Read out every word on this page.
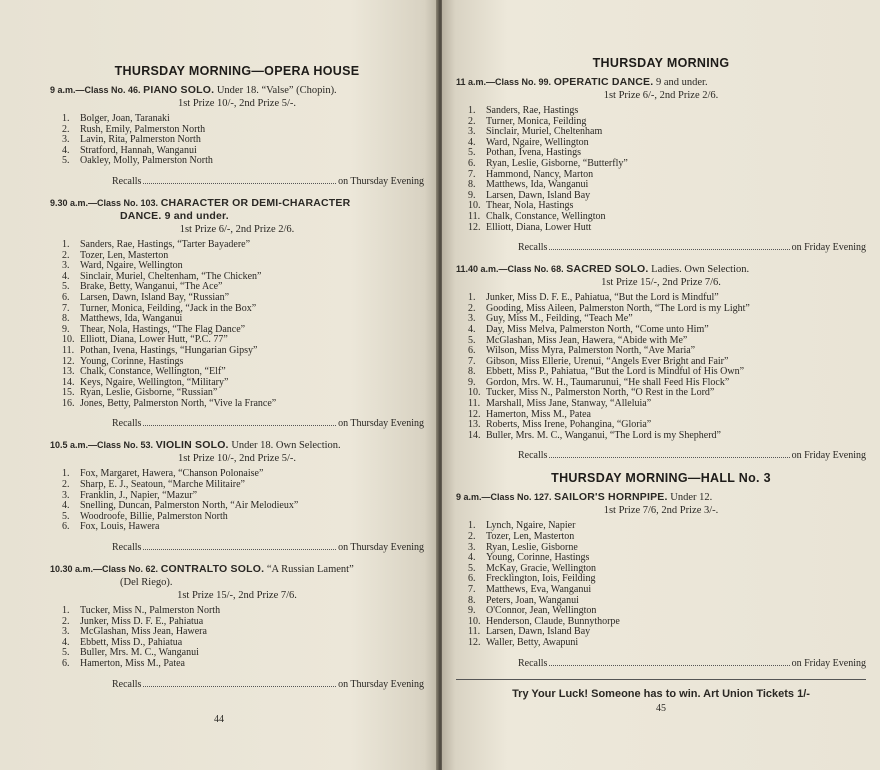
THURSDAY MORNING—OPERA HOUSE
9 a.m.—Class No. 46. PIANO SOLO. Under 18. “Valse” (Chopin).
1st Prize 10/-, 2nd Prize 5/-.
1.	Bolger, Joan, Taranaki
2.	Rush, Emily, Palmerston North
3.	Lavin, Rita, Palmerston North
4.	Stratford, Hannah, Wanganui
5.	Oakley, Molly, Palmerston North
Recalls	on Thursday Evening
9.30 a.m.—Class No. 103. CHARACTER OR DEMI-CHARACTER
DANCE. 9 and under.
1st Prize 6/-, 2nd Prize 2/6.
1.	Sanders, Rae, Hastings, “Tarter Bayadere”
2.	Tozer, Len, Masterton
3.	Ward, Ngaire, Wellington
4.	Sinclair, Muriel, Cheltenham, “The Chicken”
5.	Brake, Betty, Wanganui, “The Ace”
6.	Larsen, Dawn, Island Bay, “Russian”
7.	Turner, Monica, Feilding, “Jack in the Box”
8.	Matthews, Ida, Wanganui
9.	Thear, Nola, Hastings, “The Flag Dance”
10. Elliott, Diana, Lower Hutt, “P.C. 77”
11. Pothan, Ivena, Hastings, “Hungarian Gipsy”
12. Young, Corinne, Hastings
13. Chalk, Constance, Wellington, “Elf”
14. Keys, Ngaire, Wellington, “Military”
15. Ryan, Leslie, Gisborne, “Russian”
16. Jones, Betty, Palmerston North, “Vive la France”
Recalls	on Thursday Evening
10.5 a.m.—Class No. 53. VIOLIN SOLO. Under 18. Own Selection.
1st Prize 10/-, 2nd Prize 5/-.
1.	Fox, Margaret, Hawera, “Chanson Polonaise”
2.	Sharp, E. J., Seatoun, “Marche Militaire”
3.	Franklin, J., Napier, “Mazur”
4.	Snelling, Duncan, Palmerston North, “Air Melodieux”
5.	Woodroofe, Billie, Palmerston North
6.	Fox, Louis, Hawera
Recalls	on Thursday Evening
10.30 a.m.—Class No. 62. CONTRALTO SOLO. “A Russian Lament”
(Del Riego).
1st Prize 15/-, 2nd Prize 7/6.
1.	Tucker, Miss N., Palmerston North
2.	Junker, Miss D. F. E., Pahiatua
3.	McGlashan, Miss Jean, Hawera
4.	Ebbett, Miss D., Pahiatua
5.	Buller, Mrs. M. C., Wanganui
6.	Hamerton, Miss M., Patea
Recalls	on Thursday Evening
44
THURSDAY MORNING
11 a.m.—Class No. 99. OPERATIC DANCE. 9 and under.
1st Prize 6/-, 2nd Prize 2/6.
1.	Sanders, Rae, Hastings
2.	Turner, Monica, Feilding
3.	Sinclair, Muriel, Cheltenham
4.	Ward, Ngaire, Wellington
5.	Pothan, Ivena, Hastings
6.	Ryan, Leslie, Gisborne, “Butterfly”
7.	Hammond, Nancy, Marton
8.	Matthews, Ida, Wanganui
9.	Larsen, Dawn, Island Bay
10. Thear, Nola, Hastings
11. Chalk, Constance, Wellington
12. Elliott, Diana, Lower Hutt
Recalls	on Friday Evening
11.40 a.m.—Class No. 68. SACRED SOLO. Ladies. Own Selection.
1st Prize 15/-, 2nd Prize 7/6.
1.	Junker, Miss D. F. E., Pahiatua, “But the Lord is Mindful”
2.	Gooding, Miss Aileen, Palmerston North, “The Lord is my Light”
3.	Guy, Miss M., Feilding, “Teach Me”
4.	Day, Miss Melva, Palmerston North, “Come unto Him”
5.	McGlashan, Miss Jean, Hawera, “Abide with Me”
6.	Wilson, Miss Myra, Palmerston North, “Ave Maria”
7.	Gibson, Miss Ellerie, Urenui, “Angels Ever Bright and Fair”
8.	Ebbett, Miss P., Pahiatua, “But the Lord is Mindful of His Own”
9.	Gordon, Mrs. W. H., Taumarunui, “He shall Feed His Flock”
10. Tucker, Miss N., Palmerston North, “O Rest in the Lord”
11. Marshall, Miss Jane, Stanway, “Alleluia”
12. Hamerton, Miss M., Patea
13. Roberts, Miss Irene, Pohangina, “Gloria”
14. Buller, Mrs. M. C., Wanganui, “The Lord is my Shepherd”
Recalls	on Friday Evening
THURSDAY MORNING—HALL No. 3
9 a.m.—Class No. 127. SAILOR'S HORNPIPE. Under 12.
1st Prize 7/6, 2nd Prize 3/-.
1.	Lynch, Ngaire, Napier
2.	Tozer, Len, Masterton
3.	Ryan, Leslie, Gisborne
4.	Young, Corinne, Hastings
5.	McKay, Gracie, Wellington
6.	Frecklington, Iois, Feilding
7.	Matthews, Eva, Wanganui
8.	Peters, Joan, Wanganui
9.	O'Connor, Jean, Wellington
10. Henderson, Claude, Bunnythorpe
11. Larsen, Dawn, Island Bay
12. Waller, Betty, Awapuni
Recalls	on Friday Evening
Try Your Luck! Someone has to win. Art Union Tickets 1/-
45
